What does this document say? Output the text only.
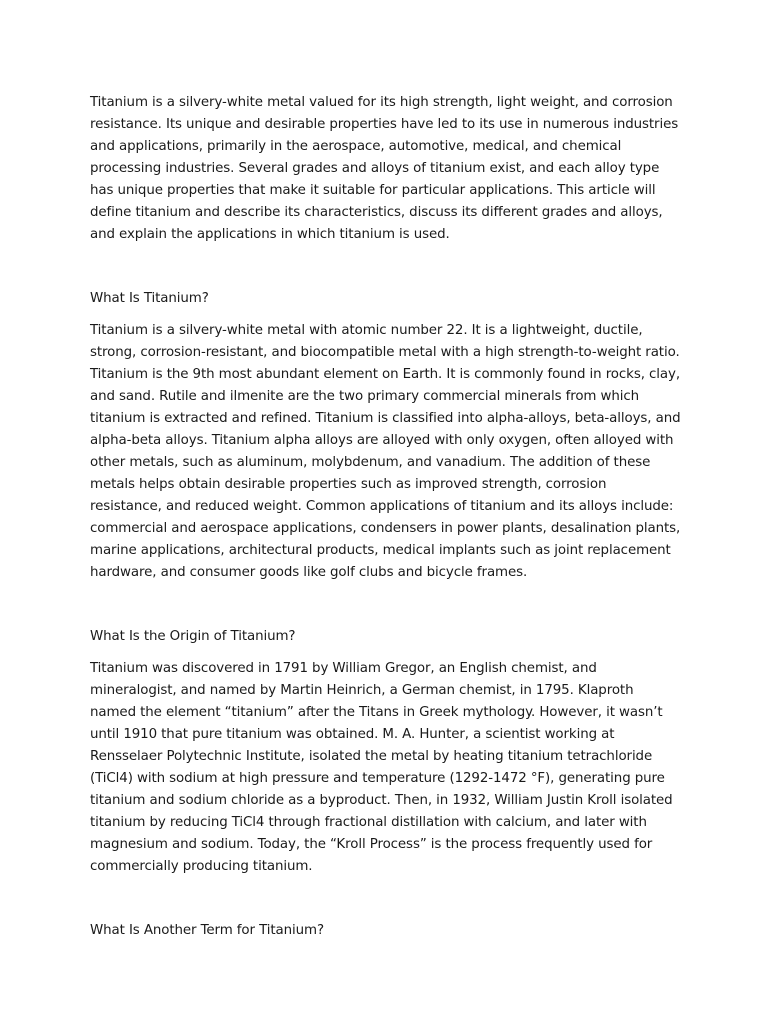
Titanium is a silvery-white metal valued for its high strength, light weight, and corrosion resistance. Its unique and desirable properties have led to its use in numerous industries and applications, primarily in the aerospace, automotive, medical, and chemical processing industries. Several grades and alloys of titanium exist, and each alloy type has unique properties that make it suitable for particular applications. This article will define titanium and describe its characteristics, discuss its different grades and alloys, and explain the applications in which titanium is used.

What Is Titanium?

Titanium is a silvery-white metal with atomic number 22. It is a lightweight, ductile, strong, corrosion-resistant, and biocompatible metal with a high strength-to-weight ratio. Titanium is the 9th most abundant element on Earth. It is commonly found in rocks, clay, and sand. Rutile and ilmenite are the two primary commercial minerals from which titanium is extracted and refined. Titanium is classified into alpha-alloys, beta-alloys, and alpha-beta alloys. Titanium alpha alloys are alloyed with only oxygen, often alloyed with other metals, such as aluminum, molybdenum, and vanadium. The addition of these metals helps obtain desirable properties such as improved strength, corrosion resistance, and reduced weight. Common applications of titanium and its alloys include: commercial and aerospace applications, condensers in power plants, desalination plants, marine applications, architectural products, medical implants such as joint replacement hardware, and consumer goods like golf clubs and bicycle frames.

What Is the Origin of Titanium?

Titanium was discovered in 1791 by William Gregor, an English chemist, and mineralogist, and named by Martin Heinrich, a German chemist, in 1795. Klaproth named the element “titanium” after the Titans in Greek mythology. However, it wasn’t until 1910 that pure titanium was obtained. M. A. Hunter, a scientist working at Rensselaer Polytechnic Institute, isolated the metal by heating titanium tetrachloride (TiCl4) with sodium at high pressure and temperature (1292-1472 °F), generating pure titanium and sodium chloride as a byproduct. Then, in 1932, William Justin Kroll isolated titanium by reducing TiCl4 through fractional distillation with calcium, and later with magnesium and sodium. Today, the “Kroll Process” is the process frequently used for commercially producing titanium.

What Is Another Term for Titanium?
